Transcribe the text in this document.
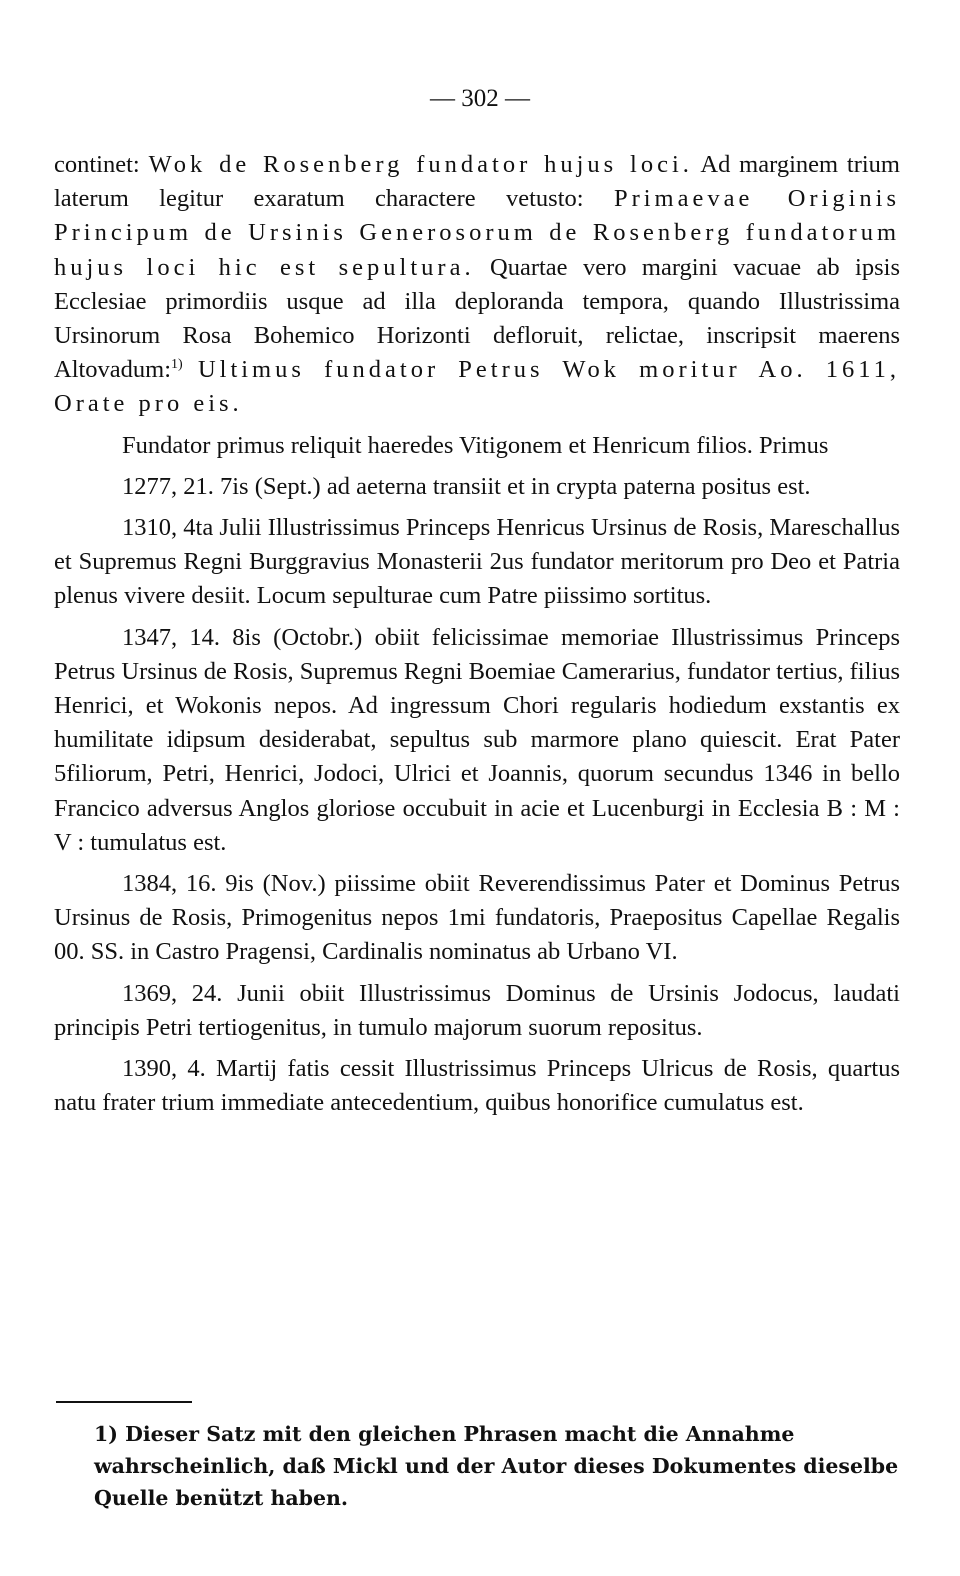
— 302 —

continet: Wok de Rosenberg fundator hujus loci. Ad marginem trium laterum legitur exaratum charactere vetusto: Primaevae Originis Principum de Ursinis Generosorum de Rosenberg fundatorum hujus loci hic est sepultura. Quartae vero margini vacuae ab ipsis Ecclesiae primordiis usque ad illa deploranda tempora, quando Illustrissima Ursinorum Rosa Bohemico Horizonti defloruit, relictae, inscripsit maerens Altovadum:$^{1)}$ Ultimus fundator Petrus Wok moritur Ao. 1611, Orate pro eis.

Fundator primus reliquit haeredes Vitigonem et Henricum filios. Primus

1277, 21. 7is (Sept.) ad aeterna transiit et in crypta paterna positus est.

1310, 4ta Julii Illustrissimus Princeps Henricus Ursinus de Rosis, Mareschallus et Supremus Regni Burggravius Monasterii 2us fundator meritorum pro Deo et Patria plenus vivere desiit. Locum sepulturae cum Patre piissimo sortitus.

1347, 14. 8is (Octobr.) obiit felicissimae memoriae Illustrissimus Princeps Petrus Ursinus de Rosis, Supremus Regni Boemiae Camerarius, fundator tertius, filius Henrici, et Wokonis nepos. Ad ingressum Chori regularis hodiedum exstantis ex humilitate idipsum desiderabat, sepultus sub marmore plano quiescit. Erat Pater 5filiorum, Petri, Henrici, Jodoci, Ulrici et Joannis, quorum secundus 1346 in bello Francico adversus Anglos gloriose occubuit in acie et Lucenburgi in Ecclesia B : M : V : tumulatus est.

1384, 16. 9is (Nov.) piissime obiit Reverendissimus Pater et Dominus Petrus Ursinus de Rosis, Primogenitus nepos 1mi fundatoris, Praepositus Capellae Regalis 00. SS. in Castro Pragensi, Cardinalis nominatus ab Urbano VI.

1369, 24. Junii obiit Illustrissimus Dominus de Ursinis Jodocus, laudati principis Petri tertiogenitus, in tumulo majorum suorum repositus.

1390, 4. Martij fatis cessit Illustrissimus Princeps Ulricus de Rosis, quartus natu frater trium immediate antecedentium, quibus honorifice cumulatus est.

1) Dieser Satz mit den gleichen Phrasen macht die Annahme wahrscheinlich, daß Mickl und der Autor dieses Dokumentes dieselbe Quelle benützt haben.
